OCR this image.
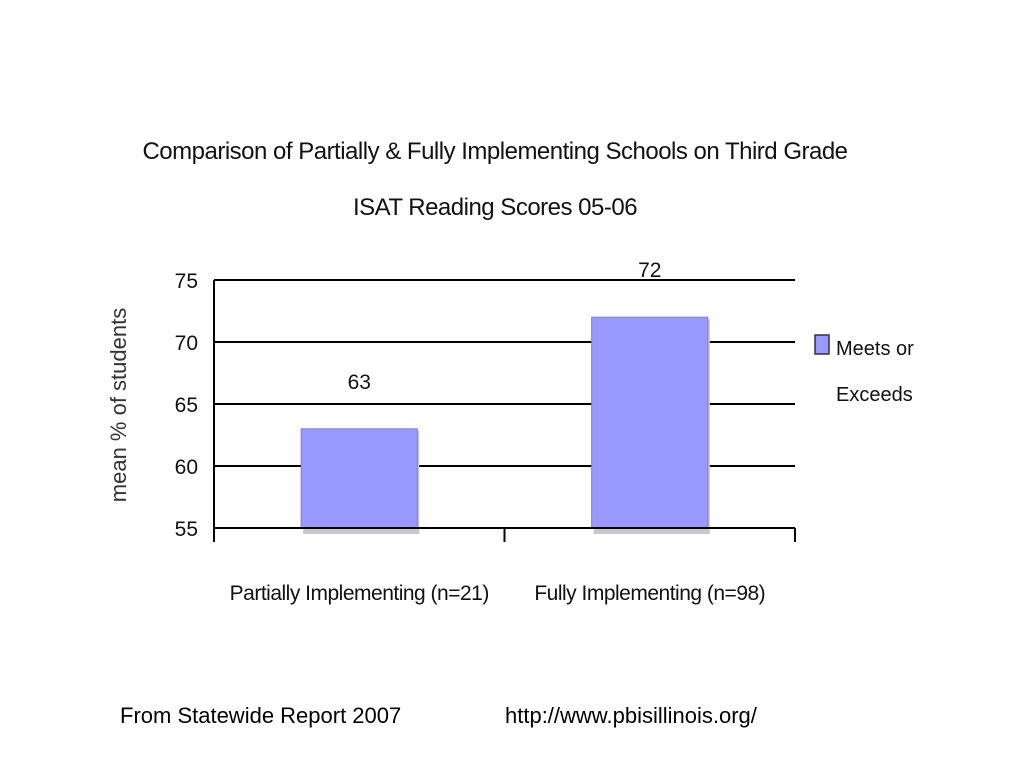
Comparison of Partially & Fully Implementing Schools on Third Grade
ISAT Reading Scores 05-06
mean % of students
55
60
65
70
75
63
Partially Implementing (n=21)
72
Fully Implementing (n=98)
Meets or
Exceeds
From Statewide Report 2007	http://www.pbisillinois.org/
